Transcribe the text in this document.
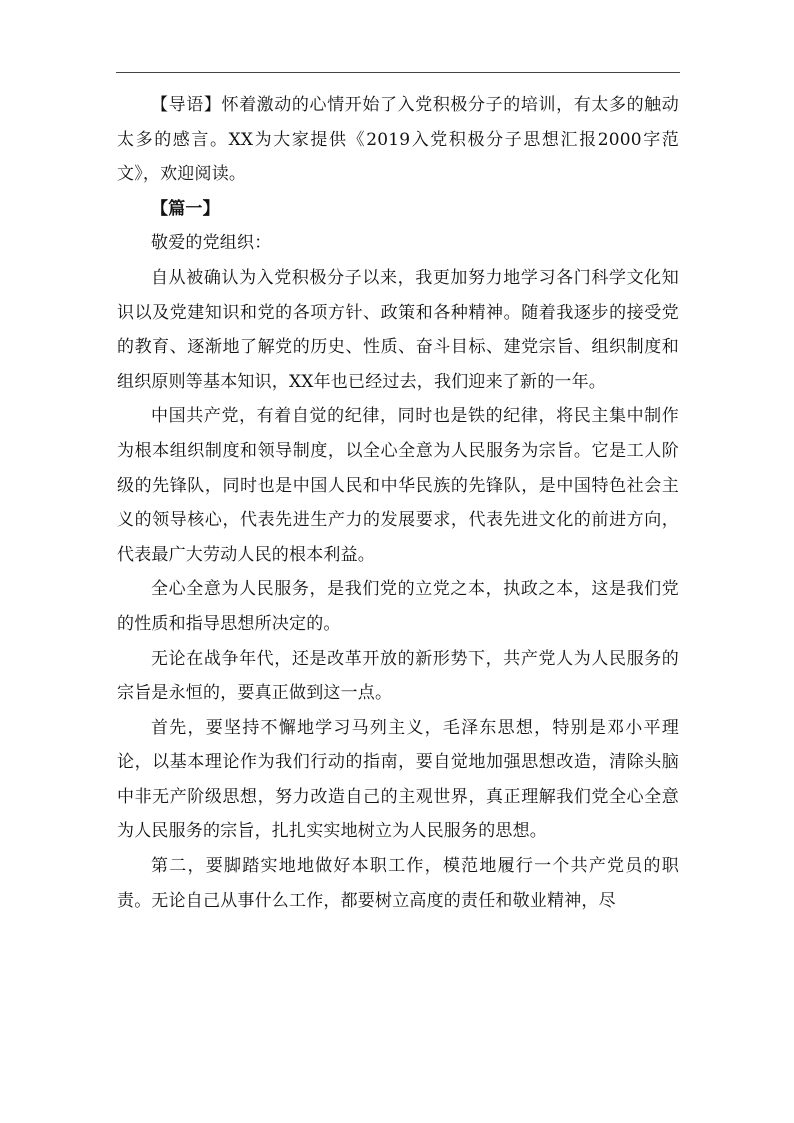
【导语】怀着激动的心情开始了入党积极分子的培训，有太多的触动太多的感言。XX为大家提供《2019入党积极分子思想汇报2000字范文》，欢迎阅读。

【篇一】

敬爱的党组织：

自从被确认为入党积极分子以来，我更加努力地学习各门科学文化知识以及党建知识和党的各项方针、政策和各种精神。随着我逐步的接受党的教育、逐渐地了解党的历史、性质、奋斗目标、建党宗旨、组织制度和组织原则等基本知识，XX年也已经过去，我们迎来了新的一年。

中国共产党，有着自觉的纪律，同时也是铁的纪律，将民主集中制作为根本组织制度和领导制度，以全心全意为人民服务为宗旨。它是工人阶级的先锋队，同时也是中国人民和中华民族的先锋队，是中国特色社会主义的领导核心，代表先进生产力的发展要求，代表先进文化的前进方向，代表最广大劳动人民的根本利益。

全心全意为人民服务，是我们党的立党之本，执政之本，这是我们党的性质和指导思想所决定的。

无论在战争年代，还是改革开放的新形势下，共产党人为人民服务的宗旨是永恒的，要真正做到这一点。

首先，要坚持不懈地学习马列主义，毛泽东思想，特别是邓小平理论，以基本理论作为我们行动的指南，要自觉地加强思想改造，清除头脑中非无产阶级思想，努力改造自己的主观世界，真正理解我们党全心全意为人民服务的宗旨，扎扎实实地树立为人民服务的思想。

第二，要脚踏实地地做好本职工作，模范地履行一个共产党员的职责。无论自己从事什么工作，都要树立高度的责任和敬业精神，尽
